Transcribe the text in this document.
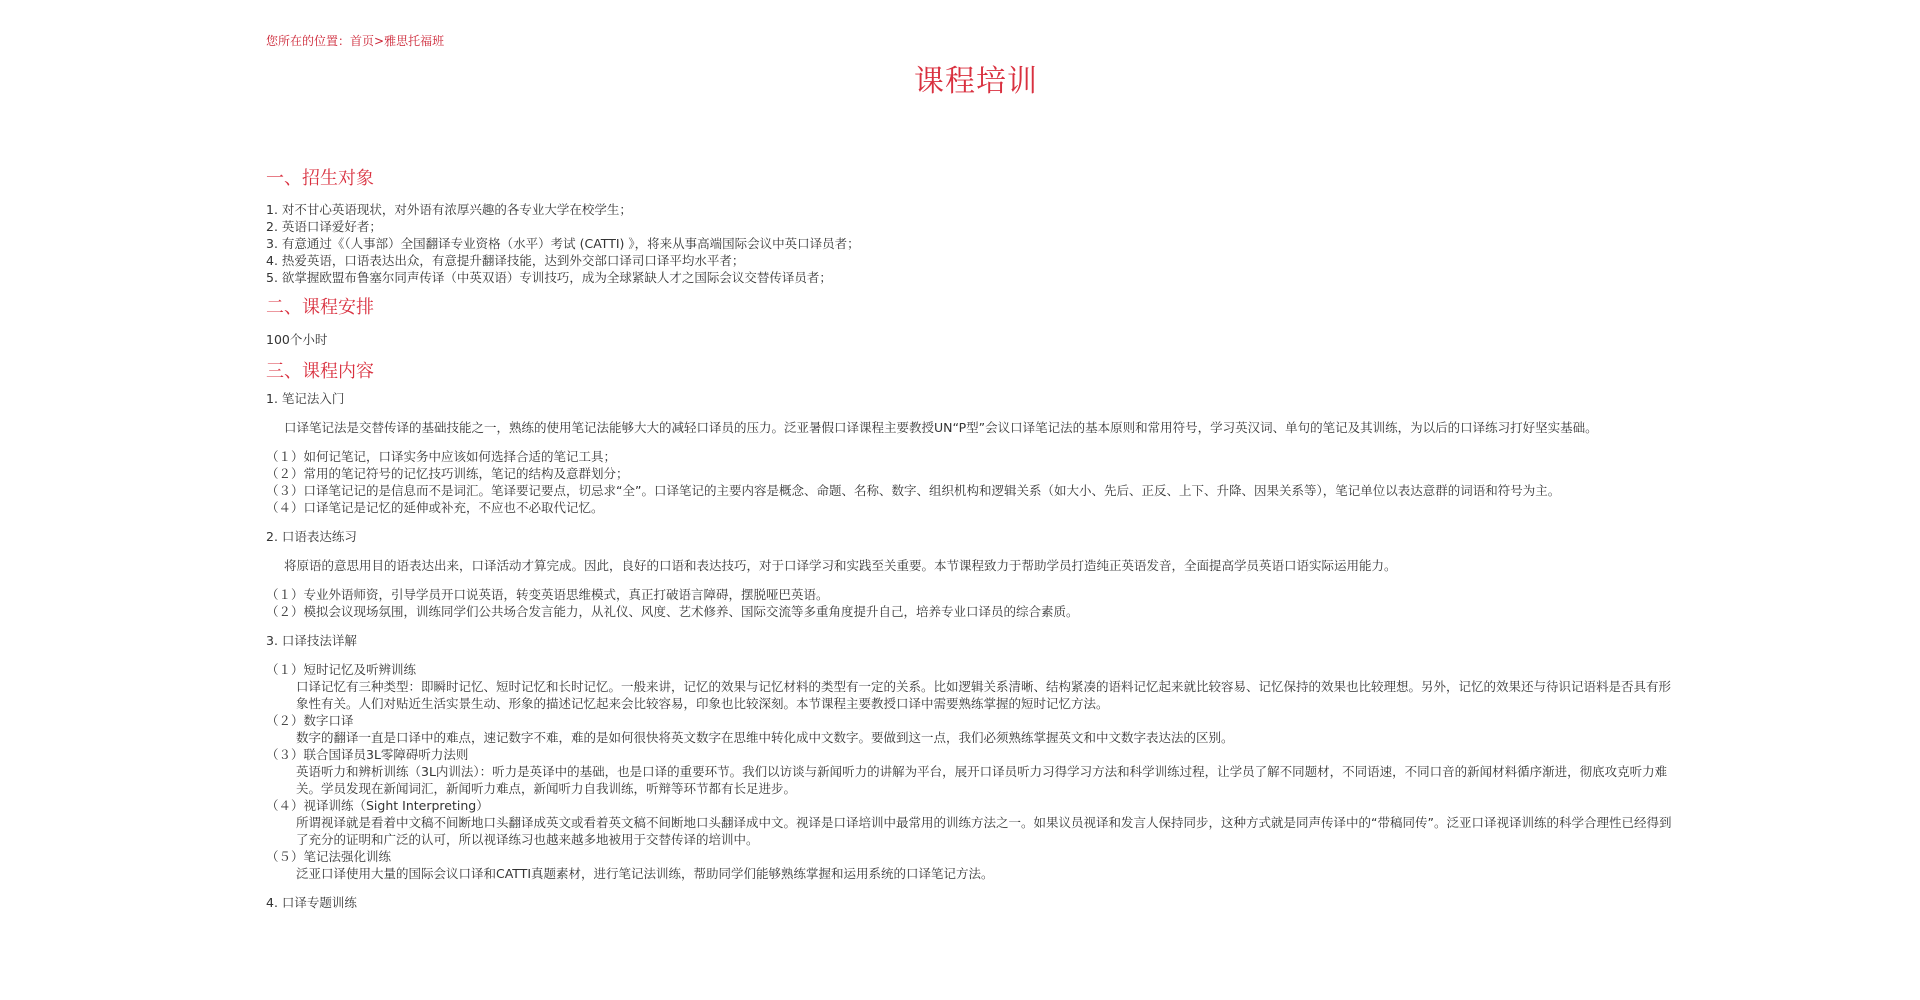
您所在的位置：首页>雅思托福班
课程培训
一、招生对象
1. 对不甘心英语现状，对外语有浓厚兴趣的各专业大学在校学生；
2. 英语口译爱好者；
3. 有意通过《（人事部）全国翻译专业资格（水平）考试 (CATTI) 》，将来从事高端国际会议中英口译员者；
4. 热爱英语，口语表达出众，有意提升翻译技能，达到外交部口译司口译平均水平者；
5. 欲掌握欧盟布鲁塞尔同声传译（中英双语）专训技巧，成为全球紧缺人才之国际会议交替传译员者；
二、课程安排
100个小时
三、课程内容
1. 笔记法入门
口译笔记法是交替传译的基础技能之一，熟练的使用笔记法能够大大的减轻口译员的压力。泛亚暑假口译课程主要教授UN“P型”会议口译笔记法的基本原则和常用符号，学习英汉词、单句的笔记及其训练，为以后的口译练习打好坚实基础。
（１）如何记笔记，口译实务中应该如何选择合适的笔记工具；
（２）常用的笔记符号的记忆技巧训练，笔记的结构及意群划分；
（３）口译笔记记的是信息而不是词汇。笔译要记要点，切忌求“全”。口译笔记的主要内容是概念、命题、名称、数字、组织机构和逻辑关系（如大小、先后、正反、上下、升降、因果关系等），笔记单位以表达意群的词语和符号为主。
（４）口译笔记是记忆的延伸或补充，不应也不必取代记忆。
2. 口语表达练习
将原语的意思用目的语表达出来，口译活动才算完成。因此，良好的口语和表达技巧，对于口译学习和实践至关重要。本节课程致力于帮助学员打造纯正英语发音，全面提高学员英语口语实际运用能力。
（１）专业外语师资，引导学员开口说英语，转变英语思维模式，真正打破语言障碍，摆脱哑巴英语。
（２）模拟会议现场氛围，训练同学们公共场合发言能力，从礼仪、风度、艺术修养、国际交流等多重角度提升自己，培养专业口译员的综合素质。
3. 口译技法详解
（１）短时记忆及听辨训练
口译记忆有三种类型：即瞬时记忆、短时记忆和长时记忆。一般来讲，记忆的效果与记忆材料的类型有一定的关系。比如逻辑关系清晰、结构紧凑的语料记忆起来就比较容易、记忆保持的效果也比较理想。另外，记忆的效果还与待识记语料是否具有形象性有关。人们对贴近生活实景生动、形象的描述记忆起来会比较容易，印象也比较深刻。本节课程主要教授口译中需要熟练掌握的短时记忆方法。
（２）数字口译
数字的翻译一直是口译中的难点，速记数字不难，难的是如何很快将英文数字在思维中转化成中文数字。要做到这一点，我们必须熟练掌握英文和中文数字表达法的区别。
（３）联合国译员3L零障碍听力法则
英语听力和辨析训练（3L内训法）：听力是英译中的基础，也是口译的重要环节。我们以访谈与新闻听力的讲解为平台，展开口译员听力习得学习方法和科学训练过程，让学员了解不同题材，不同语速，不同口音的新闻材料循序渐进，彻底攻克听力难关。学员发现在新闻词汇，新闻听力难点，新闻听力自我训练，听辩等环节都有长足进步。
（４）视译训练（Sight Interpreting）
所谓视译就是看着中文稿不间断地口头翻译成英文或看着英文稿不间断地口头翻译成中文。视译是口译培训中最常用的训练方法之一。如果议员视译和发言人保持同步，这种方式就是同声传译中的“带稿同传”。泛亚口译视译训练的科学合理性已经得到了充分的证明和广泛的认可，所以视译练习也越来越多地被用于交替传译的培训中。
（５）笔记法强化训练
泛亚口译使用大量的国际会议口译和CATTI真题素材，进行笔记法训练，帮助同学们能够熟练掌握和运用系统的口译笔记方法。
4. 口译专题训练
